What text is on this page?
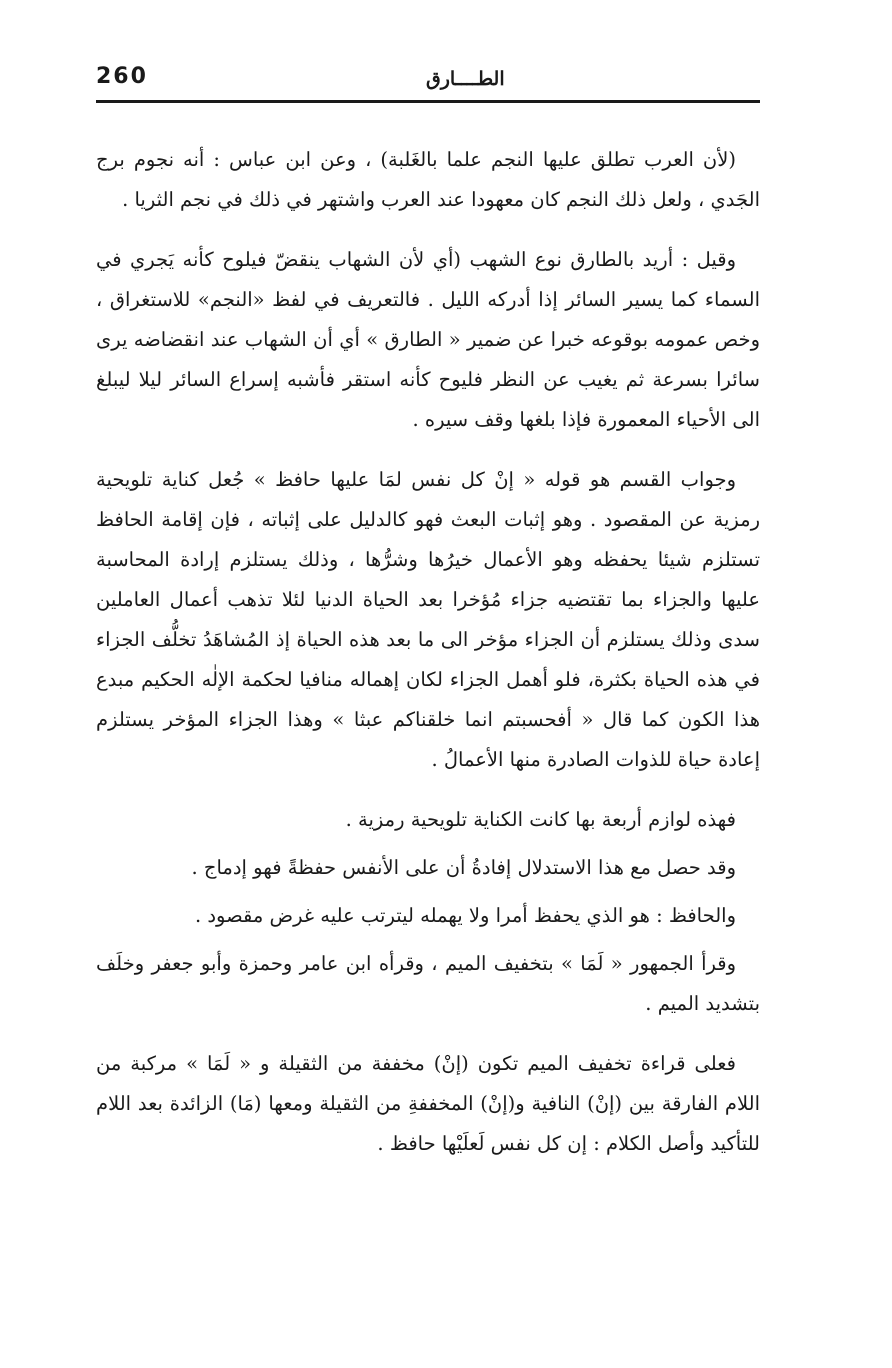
260	الطــــارق

(لأن العرب تطلق عليها النجم علما بالغَلبة) ، وعن ابن عباس : أنه نجوم برج الجَدي ، ولعل ذلك النجم كان معهودا عند العرب واشتهر في ذلك في نجم الثريا .

وقيل : أريد بالطارق نوع الشهب (أي لأن الشهاب ينقضّ فيلوح كأنه يَجري في السماء كما يسير السائر إذا أدركه الليل . فالتعريف في لفظ «النجم» للاستغراق ، وخص عمومه بوقوعه خبرا عن ضمير « الطارق » أي أن الشهاب عند انقضاضه يرى سائرا بسرعة ثم يغيب عن النظر فليوح كأنه استقر فأشبه إسراع السائر ليلا ليبلغ الى الأحياء المعمورة فإذا بلغها وقف سيره .

وجواب القسم هو قوله « إنْ كل نفس لمَا عليها حافظ » جُعل كناية تلويحية رمزية عن المقصود . وهو إثبات البعث فهو كالدليل على إثباته ، فإن إقامة الحافظ تستلزم شيئا يحفظه وهو الأعمال خيرُها وشرُّها ، وذلك يستلزم إرادة المحاسبة عليها والجزاء بما تقتضيه جزاء مُؤخرا بعد الحياة الدنيا لئلا تذهب أعمال العاملين سدى وذلك يستلزم أن الجزاء مؤخر الى ما بعد هذه الحياة إذ المُشاهَدُ تخلُّف الجزاء في هذه الحياة بكثرة، فلو أهمل الجزاء لكان إهماله منافيا لحكمة الإلٰه الحكيم مبدع هذا الكون كما قال « أفحسبتم انما خلقناكم عبثا » وهذا الجزاء المؤخر يستلزم إعادة حياة للذوات الصادرة منها الأعمالُ .

فهذه لوازم أربعة بها كانت الكناية تلويحية رمزية .

وقد حصل مع هذا الاستدلال إفادةُ أن على الأنفس حفظةً فهو إدماج .

والحافظ : هو الذي يحفظ أمرا ولا يهمله ليترتب عليه غرض مقصود .

وقرأ الجمهور « لَمَا » بتخفيف الميم ، وقرأه ابن عامر وحمزة وأبو جعفر وخلَف بتشديد الميم .

فعلى قراءة تخفيف الميم تكون (إنْ) مخففة من الثقيلة و « لَمَا » مركبة من اللام الفارقة بين (إنْ) النافية و(إنْ) المخففةِ من الثقيلة ومعها (مَا) الزائدة بعد اللام للتأكيد وأصل الكلام : إن كل نفس لَعلَيْها حافظ .
